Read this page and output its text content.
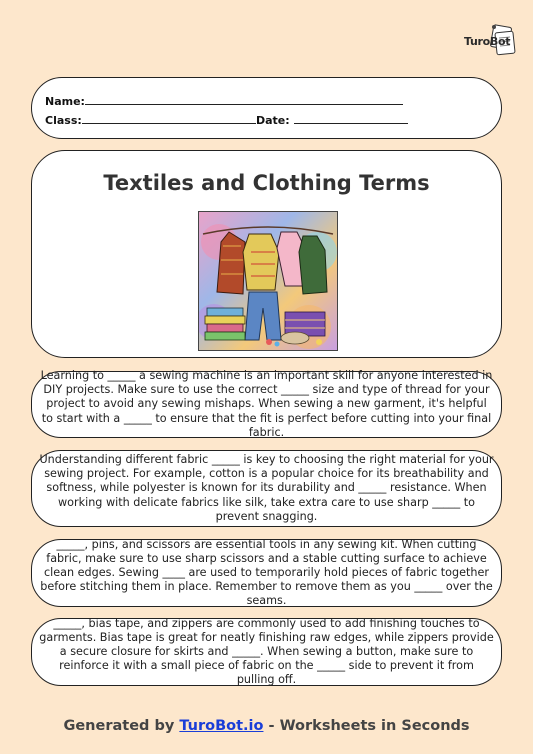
TuroBot
Name:
Class:	Date:
Textiles and Clothing Terms

Learning to _____ a sewing machine is an important skill for anyone interested in DIY projects. Make sure to use the correct _____ size and type of thread for your project to avoid any sewing mishaps. When sewing a new garment, it's helpful to start with a _____ to ensure that the fit is perfect before cutting into your final fabric.

Understanding different fabric _____ is key to choosing the right material for your sewing project. For example, cotton is a popular choice for its breathability and softness, while polyester is known for its durability and _____ resistance. When working with delicate fabrics like silk, take extra care to use sharp _____ to prevent snagging.

_____, pins, and scissors are essential tools in any sewing kit. When cutting fabric, make sure to use sharp scissors and a stable cutting surface to achieve clean edges. Sewing ____ are used to temporarily hold pieces of fabric together before stitching them in place. Remember to remove them as you _____ over the seams.

_____, bias tape, and zippers are commonly used to add finishing touches to garments. Bias tape is great for neatly finishing raw edges, while zippers provide a secure closure for skirts and _____. When sewing a button, make sure to reinforce it with a small piece of fabric on the _____ side to prevent it from pulling off.

Generated by TuroBot.io - Worksheets in Seconds
